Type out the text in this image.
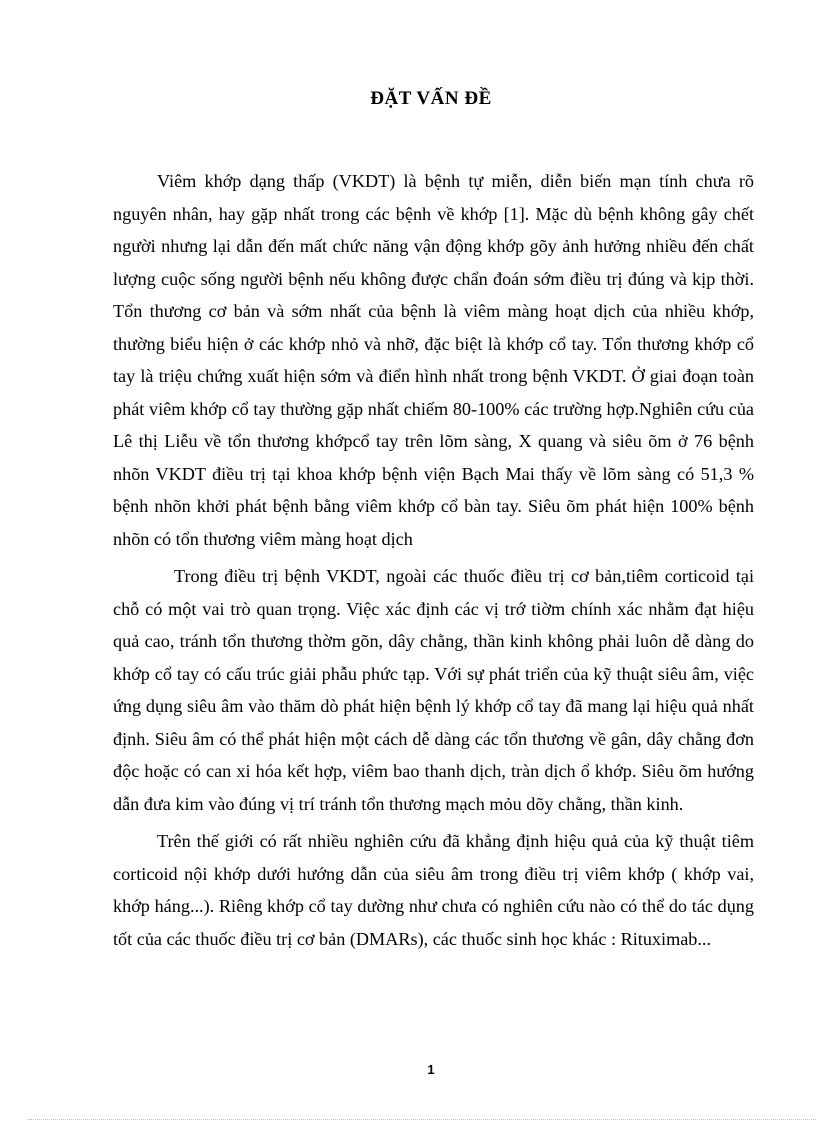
ĐẶT VẤN ĐỀ

Viêm khớp dạng thấp (VKDT) là bệnh tự miễn, diễn biến mạn tính chưa rõ nguyên nhân, hay gặp nhất trong các bệnh về khớp [1]. Mặc dù bệnh không gây chết người nhưng lại dẫn đến mất chức năng vận động khớp gõy ảnh hưởng nhiều đến chất lượng cuộc sống người bệnh nếu không được chẩn đoán sớm điều trị đúng và kịp thời. Tổn thương cơ bản và sớm nhất của bệnh là viêm màng hoạt dịch của nhiều khớp, thường biểu hiện ở các khớp nhỏ và nhỡ, đặc biệt là khớp cổ tay. Tổn thương khớp cổ tay là triệu chứng xuất hiện sớm và điển hình nhất trong bệnh VKDT. Ở giai đoạn toàn phát viêm khớp cổ tay thường gặp nhất chiếm 80-100% các trường hợp.Nghiên cứu của Lê thị Liễu về tổn thương khớpcổ tay trên lõm sàng, X quang và siêu õm ở 76 bệnh nhõn VKDT điều trị tại khoa khớp bệnh viện Bạch Mai thấy về lõm sàng có 51,3 % bệnh nhõn khởi phát bệnh bằng viêm khớp cổ bàn tay. Siêu õm phát hiện 100% bệnh nhõn có tổn thương viêm màng hoạt dịch

Trong điều trị bệnh VKDT, ngoài các thuốc điều trị cơ bản,tiêm corticoid tại chỗ có một vai trò quan trọng. Việc xác định các vị trớ tiờm chính xác nhằm đạt hiệu quả cao, tránh tổn thương thờm gõn, dây chằng, thần kinh không phải luôn dễ dàng do khớp cổ tay có cấu trúc giải phẫu phức tạp. Với sự phát triển của kỹ thuật siêu âm, việc ứng dụng siêu âm vào thăm dò phát hiện bệnh lý khớp cổ tay đã mang lại hiệu quả nhất định. Siêu âm có thể phát hiện một cách dễ dàng các tổn thương về gân, dây chằng đơn độc hoặc có can xi hóa kết hợp, viêm bao thanh dịch, tràn dịch ổ khớp. Siêu õm hướng dẫn đưa kim vào đúng vị trí tránh tổn thương mạch mỏu dõy chằng, thần kinh.

Trên thế giới có rất nhiều nghiên cứu đã khẳng định hiệu quả của kỹ thuật tiêm corticoid nội khớp dưới hướng dẫn của siêu âm trong điều trị viêm khớp ( khớp vai, khớp háng...). Riêng khớp cổ tay dường như chưa có nghiên cứu nào có thể do tác dụng tốt của các thuốc điều trị cơ bản (DMARs), các thuốc sinh học khác : Rituximab...

1
